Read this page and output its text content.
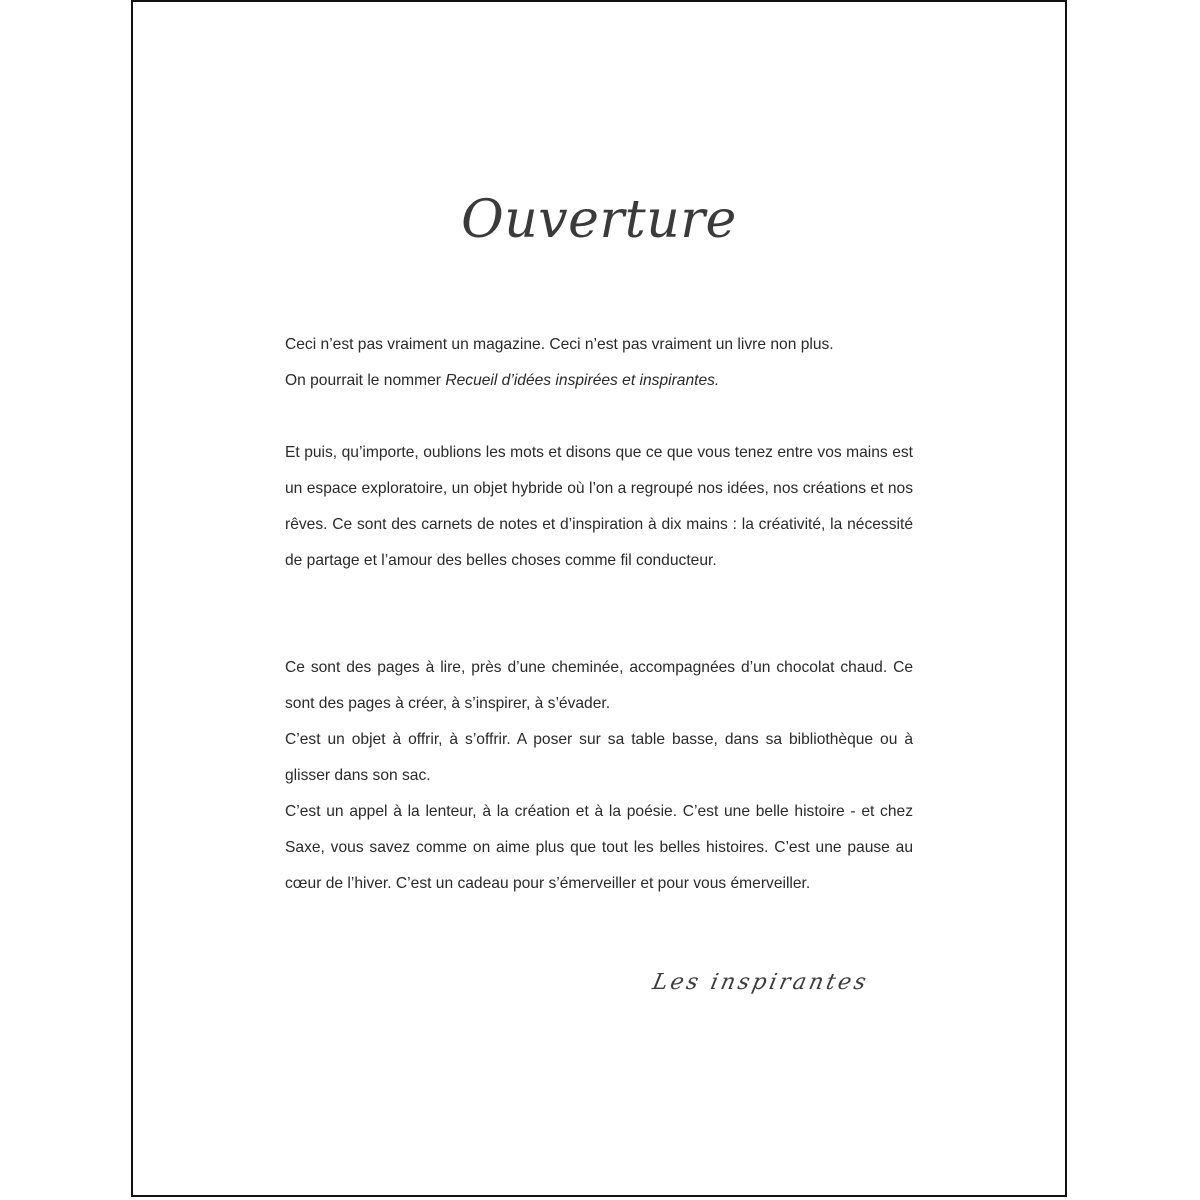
Ouverture

Ceci n’est pas vraiment un magazine. Ceci n’est pas vraiment un livre non plus.

On pourrait le nommer Recueil d’idées inspirées et inspirantes.

Et puis, qu’importe, oublions les mots et disons que ce que vous tenez entre vos mains est un espace exploratoire, un objet hybride où l’on a regroupé nos idées, nos créations et nos rêves. Ce sont des carnets de notes et d’inspiration à dix mains : la créativité, la nécessité de partage et l’amour des belles choses comme fil conducteur.

Ce sont des pages à lire, près d’une cheminée, accompagnées d’un chocolat chaud. Ce sont des pages à créer, à s’inspirer, à s’évader.

C’est un objet à offrir, à s’offrir. A poser sur sa table basse, dans sa bibliothèque ou à glisser dans son sac.

C’est un appel à la lenteur, à la création et à la poésie. C’est une belle histoire - et chez Saxe, vous savez comme on aime plus que tout les belles histoires. C’est une pause au cœur de l’hiver. C’est un cadeau pour s’émerveiller et pour vous émerveiller.

Les inspirantes
